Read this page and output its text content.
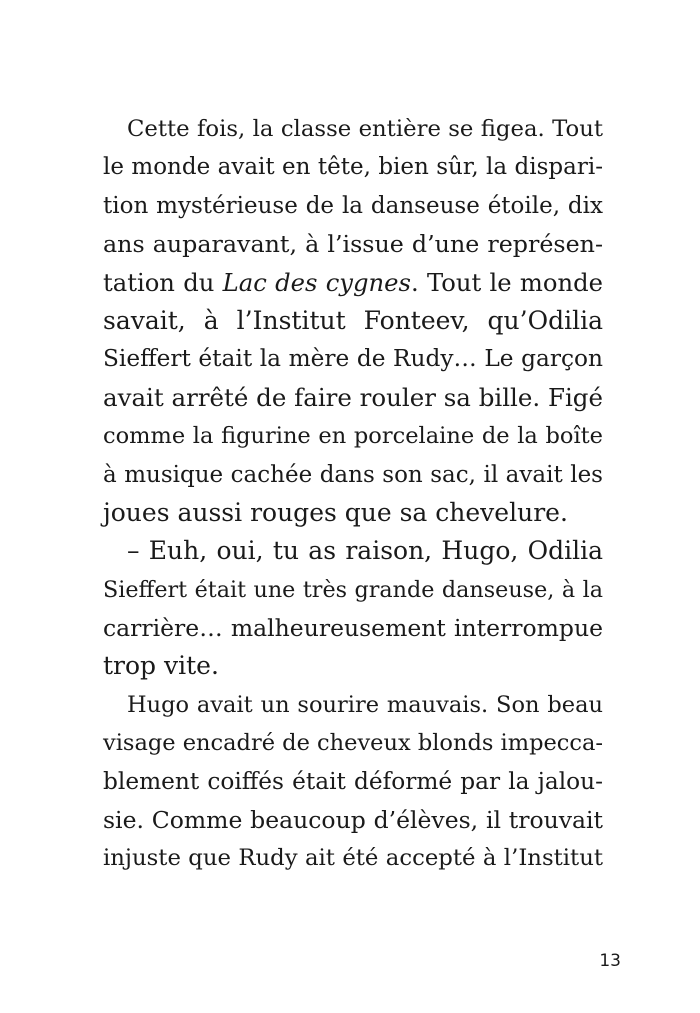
Cette fois, la classe entière se figea. Tout
le monde avait en tête, bien sûr, la dispari-
tion mystérieuse de la danseuse étoile, dix
ans auparavant, à l’issue d’une représen-
tation du Lac des cygnes. Tout le monde
savait, à l’Institut Fonteev, qu’Odilia
Sieffert était la mère de Rudy… Le garçon
avait arrêté de faire rouler sa bille. Figé
comme la figurine en porcelaine de la boîte
à musique cachée dans son sac, il avait les
joues aussi rouges que sa chevelure.
– Euh, oui, tu as raison, Hugo, Odilia
Sieffert était une très grande danseuse, à la
carrière… malheureusement interrompue
trop vite.
Hugo avait un sourire mauvais. Son beau
visage encadré de cheveux blonds impecca-
blement coiffés était déformé par la jalou-
sie. Comme beaucoup d’élèves, il trouvait
injuste que Rudy ait été accepté à l’Institut
13
